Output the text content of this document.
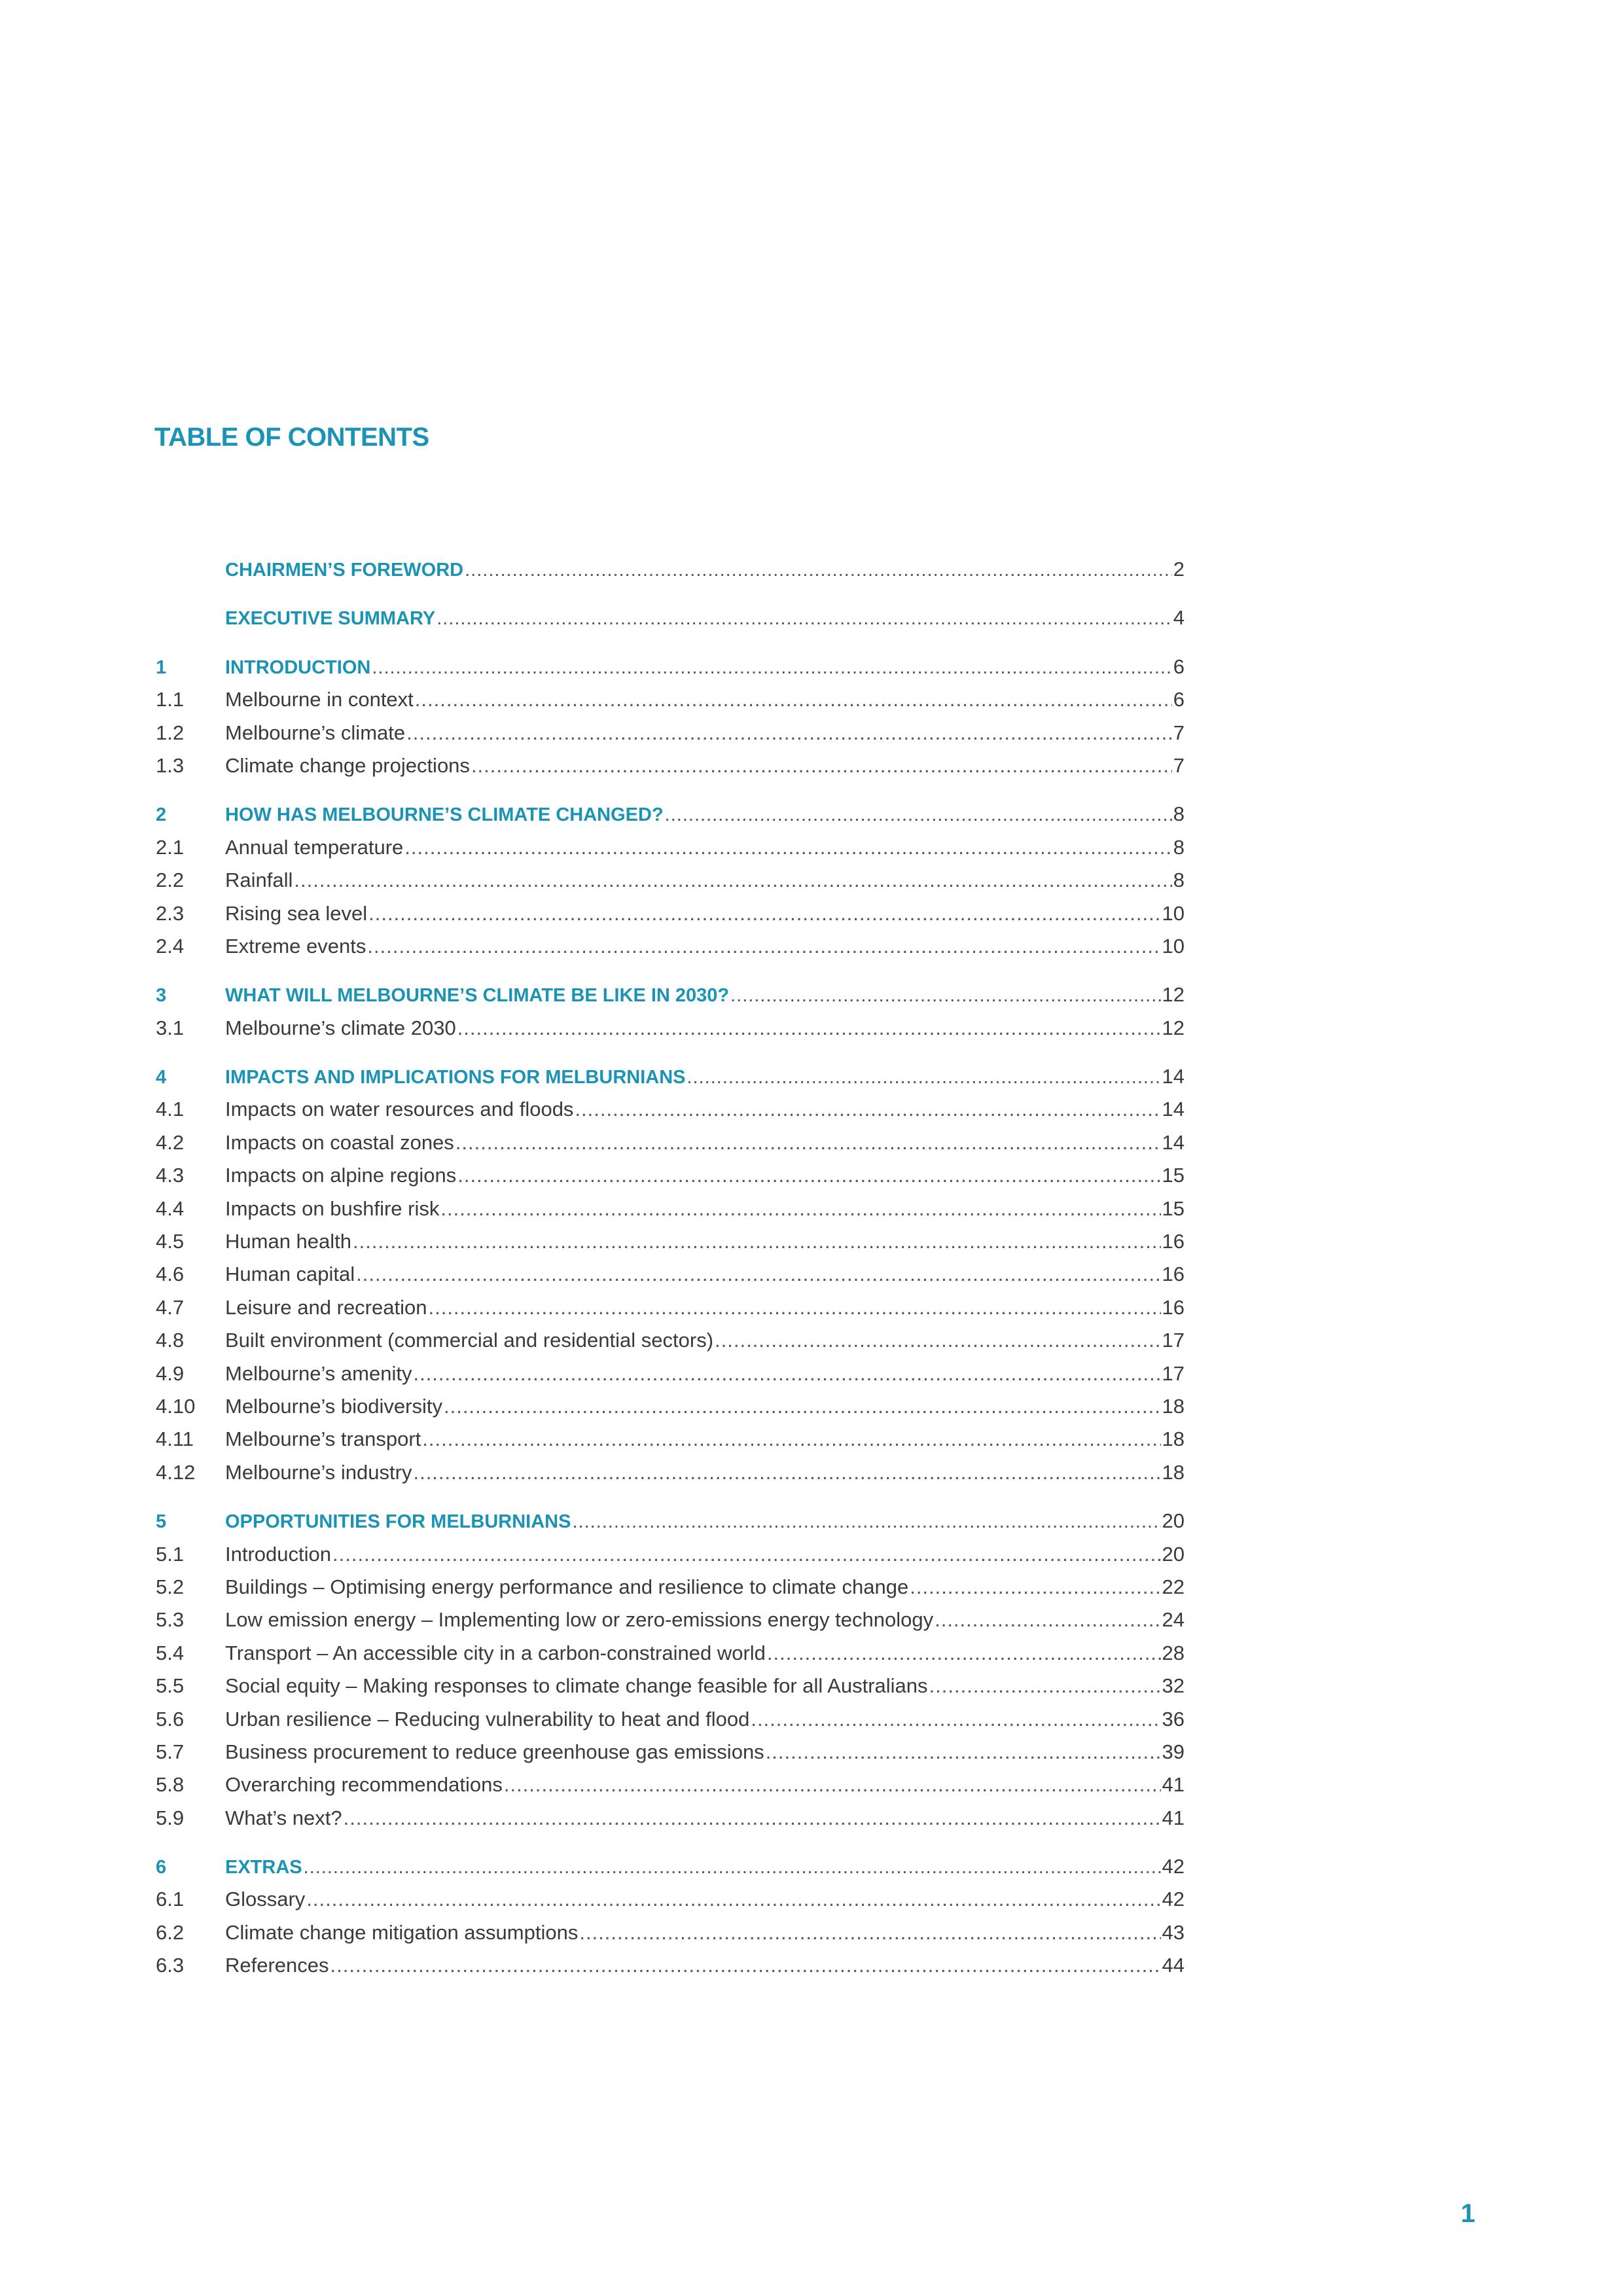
TABLE OF CONTENTS
CHAIRMEN’S FOREWORD .....	2
EXECUTIVE SUMMARY .....	4
1	INTRODUCTION .....	6
1.1	Melbourne in context .....	6
1.2	Melbourne’s climate .....	7
1.3	Climate change projections .....	7
2	HOW HAS MELBOURNE’S CLIMATE CHANGED? .....	8
2.1	Annual temperature .....	8
2.2	Rainfall .....	8
2.3	Rising sea level .....	10
2.4	Extreme events .....	10
3	WHAT WILL MELBOURNE’S CLIMATE BE LIKE IN 2030? .....	12
3.1	Melbourne’s climate 2030 .....	12
4	IMPACTS AND IMPLICATIONS FOR MELBURNIANS .....	14
4.1	Impacts on water resources and floods .....	14
4.2	Impacts on coastal zones .....	14
4.3	Impacts on alpine regions .....	15
4.4	Impacts on bushfire risk .....	15
4.5	Human health .....	16
4.6	Human capital .....	16
4.7	Leisure and recreation .....	16
4.8	Built environment (commercial and residential sectors) .....	17
4.9	Melbourne’s amenity .....	17
4.10	Melbourne’s biodiversity .....	18
4.11	Melbourne’s transport .....	18
4.12	Melbourne’s industry .....	18
5	OPPORTUNITIES FOR MELBURNIANS .....	20
5.1	Introduction .....	20
5.2	Buildings – Optimising energy performance and resilience to climate change .....	22
5.3	Low emission energy – Implementing low or zero-emissions energy technology .....	24
5.4	Transport – An accessible city in a carbon-constrained world .....	28
5.5	Social equity – Making responses to climate change feasible for all Australians .....	32
5.6	Urban resilience – Reducing vulnerability to heat and flood .....	36
5.7	Business procurement to reduce greenhouse gas emissions .....	39
5.8	Overarching recommendations .....	41
5.9	What’s next? .....	41
6	EXTRAS .....	42
6.1	Glossary .....	42
6.2	Climate change mitigation assumptions .....	43
6.3	References .....	44
1
